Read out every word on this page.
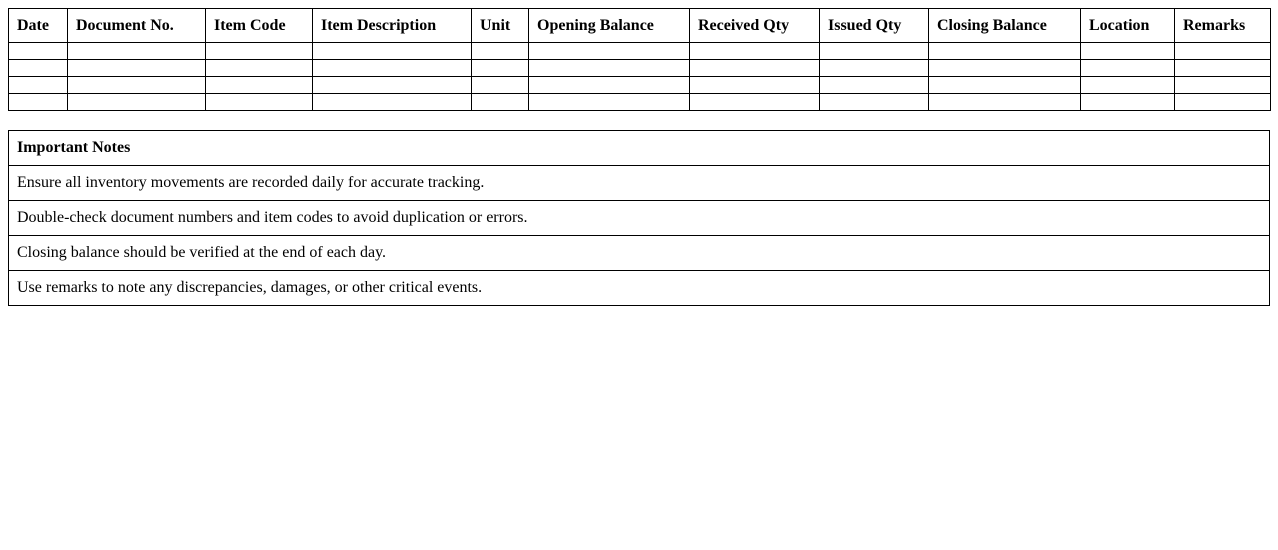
Date	Document No.	Item Code	Item Description	Unit	Opening Balance	Received Qty	Issued Qty	Closing Balance	Location	Remarks

Important Notes
Ensure all inventory movements are recorded daily for accurate tracking.
Double-check document numbers and item codes to avoid duplication or errors.
Closing balance should be verified at the end of each day.
Use remarks to note any discrepancies, damages, or other critical events.
